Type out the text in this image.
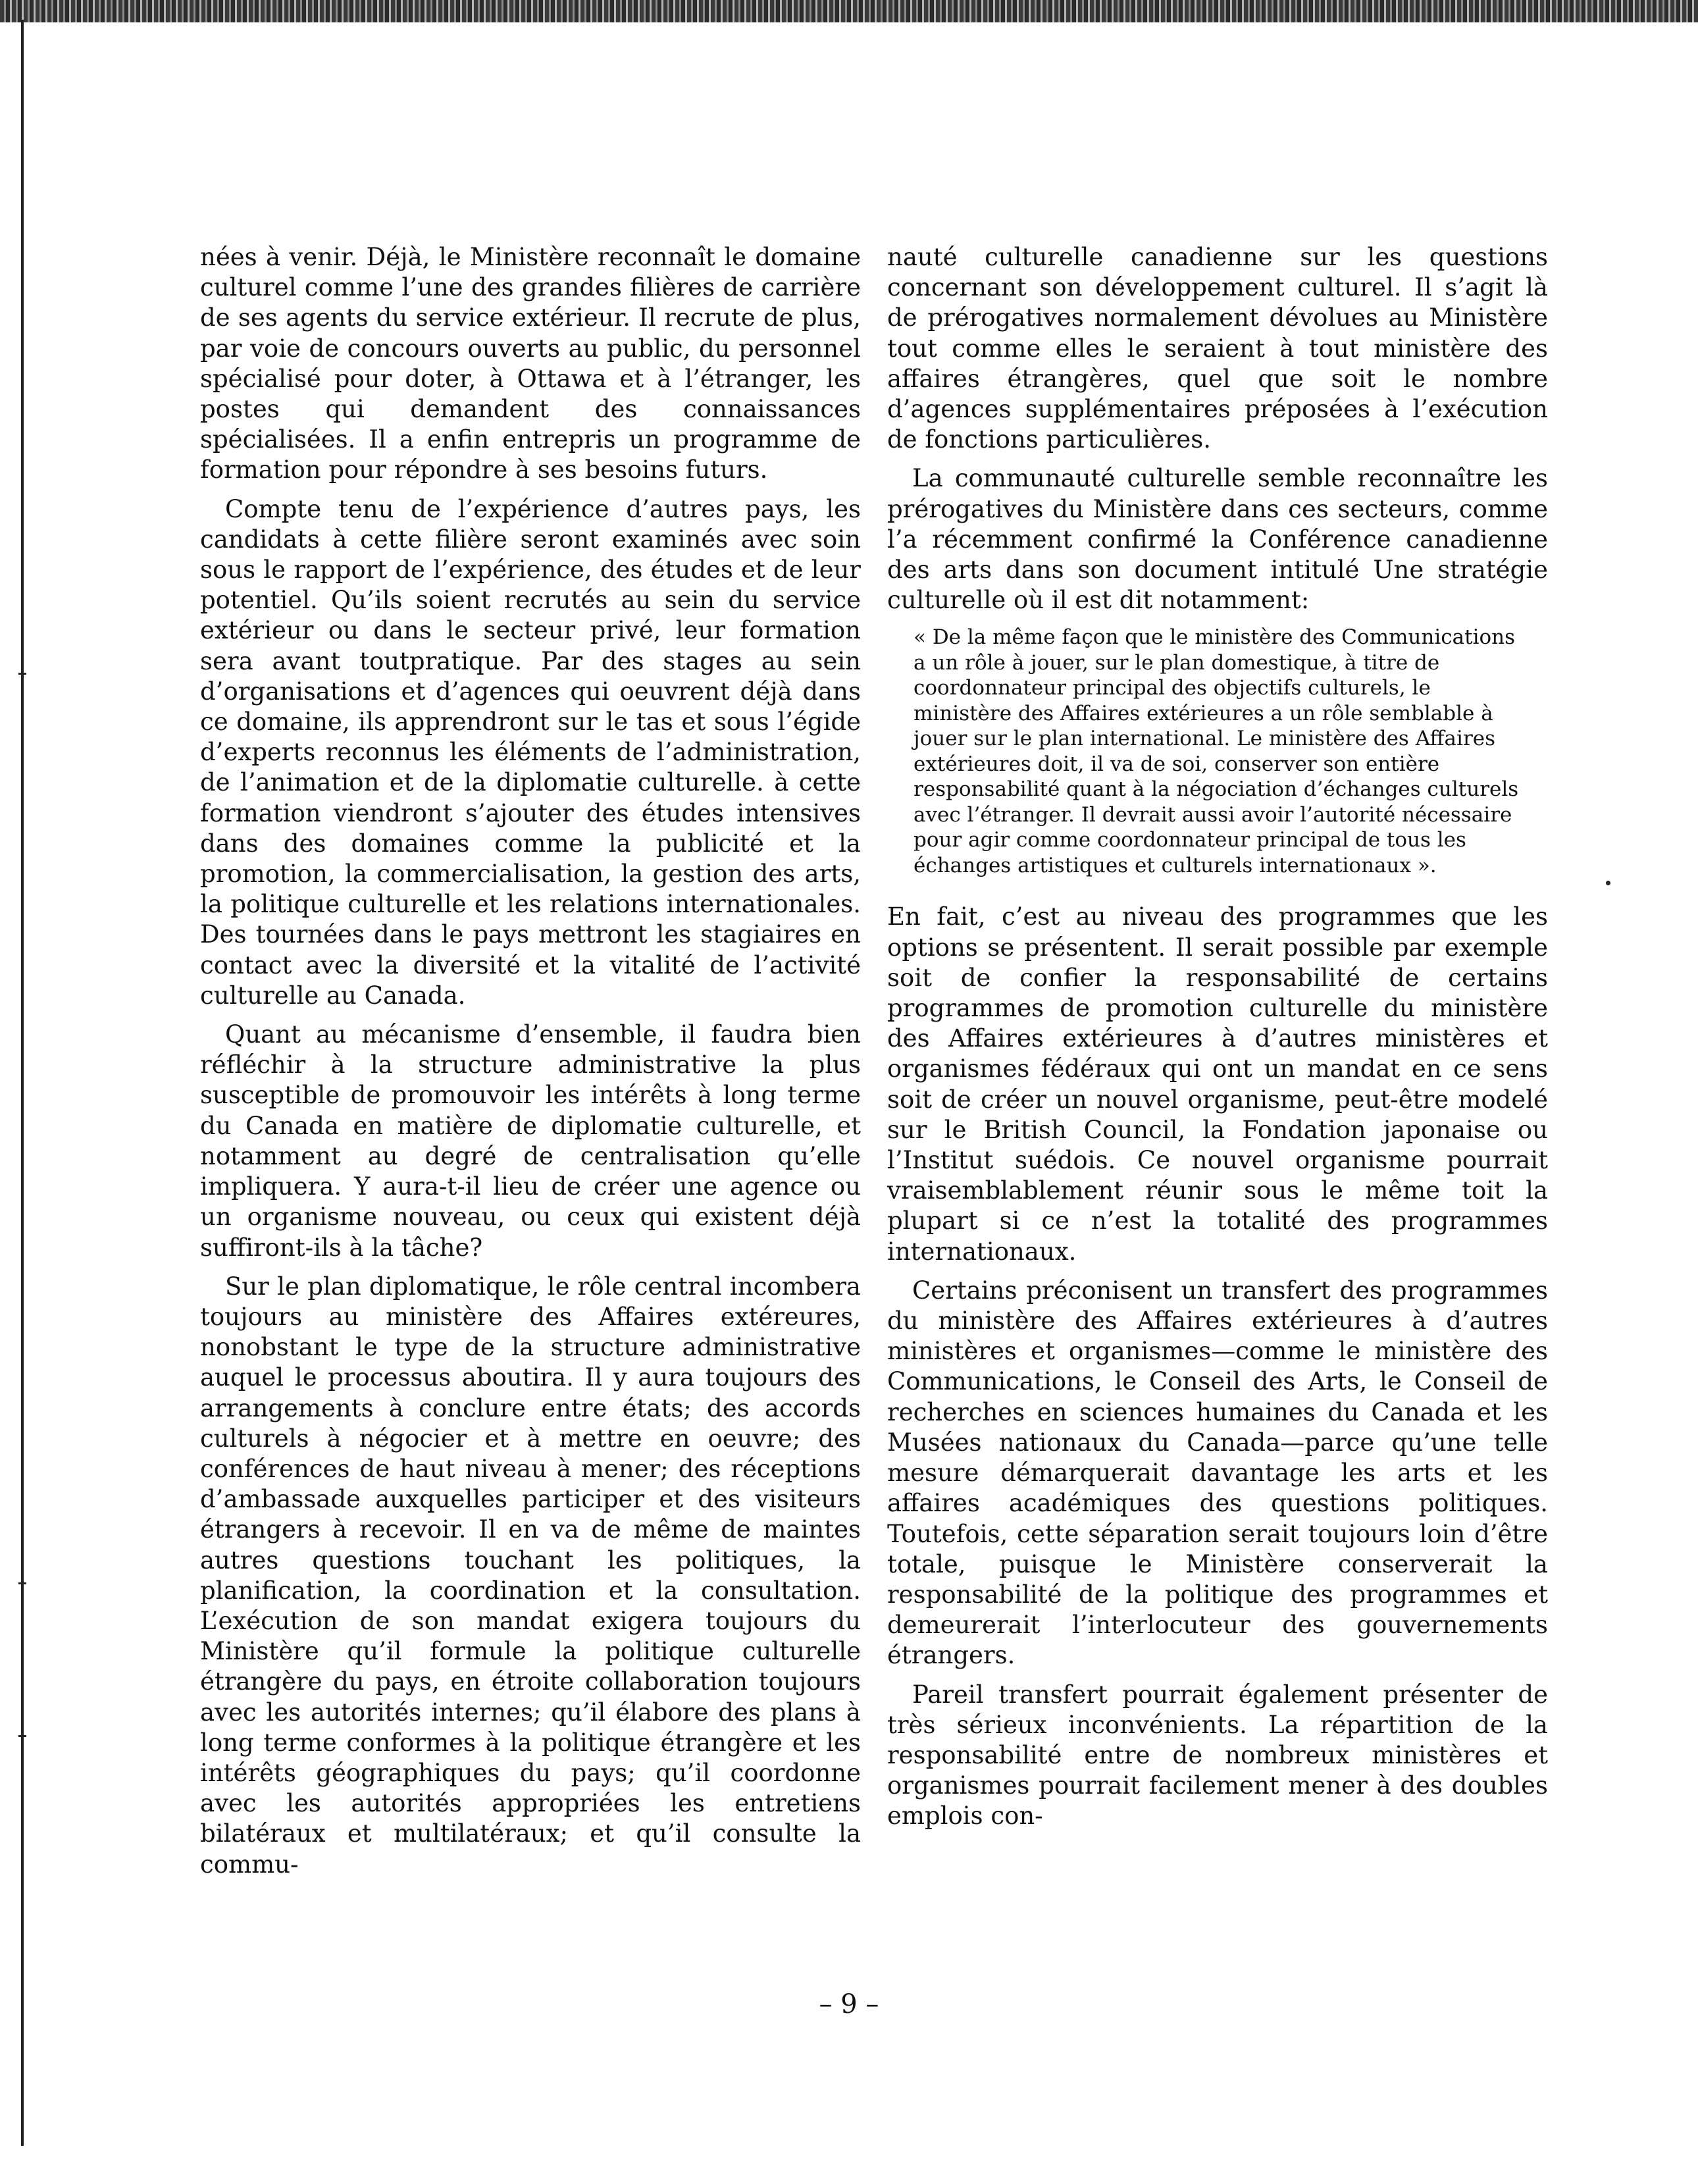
nées à venir. Déjà, le Ministère reconnaît le domaine culturel comme l’une des grandes filières de carrière de ses agents du service extérieur. Il recrute de plus, par voie de concours ouverts au public, du personnel spécialisé pour doter, à Ottawa et à l’étranger, les postes qui demandent des connaissances spécialisées. Il a enfin entrepris un programme de formation pour répondre à ses besoins futurs.

Compte tenu de l’expérience d’autres pays, les candidats à cette filière seront examinés avec soin sous le rapport de l’expérience, des études et de leur potentiel. Qu’ils soient recrutés au sein du service extérieur ou dans le secteur privé, leur formation sera avant toutpratique. Par des stages au sein d’organisations et d’agences qui oeuvrent déjà dans ce domaine, ils apprendront sur le tas et sous l’égide d’experts reconnus les éléments de l’administration, de l’animation et de la diplomatie culturelle. à cette formation viendront s’ajouter des études intensives dans des domaines comme la publicité et la promotion, la commercialisation, la gestion des arts, la politique culturelle et les relations internationales. Des tournées dans le pays mettront les stagiaires en contact avec la diversité et la vitalité de l’activité culturelle au Canada.

Quant au mécanisme d’ensemble, il faudra bien réfléchir à la structure administrative la plus susceptible de promouvoir les intérêts à long terme du Canada en matière de diplomatie culturelle, et notamment au degré de centralisation qu’elle impliquera. Y aura-t-il lieu de créer une agence ou un organisme nouveau, ou ceux qui existent déjà suffiront-ils à la tâche?

Sur le plan diplomatique, le rôle central incombera toujours au ministère des Affaires extéreures, nonobstant le type de la structure administrative auquel le processus aboutira. Il y aura toujours des arrangements à conclure entre états; des accords culturels à négocier et à mettre en oeuvre; des conférences de haut niveau à mener; des réceptions d’ambassade auxquelles participer et des visiteurs étrangers à recevoir. Il en va de même de maintes autres questions touchant les politiques, la planification, la coordination et la consultation. L’exécution de son mandat exigera toujours du Ministère qu’il formule la politique culturelle étrangère du pays, en étroite collaboration toujours avec les autorités internes; qu’il élabore des plans à long terme conformes à la politique étrangère et les intérêts géographiques du pays; qu’il coordonne avec les autorités appropriées les entretiens bilatéraux et multilatéraux; et qu’il consulte la commu-

nauté culturelle canadienne sur les questions concernant son développement culturel. Il s’agit là de prérogatives normalement dévolues au Ministère tout comme elles le seraient à tout ministère des affaires étrangères, quel que soit le nombre d’agences supplémentaires préposées à l’exécution de fonctions particulières.

La communauté culturelle semble reconnaître les prérogatives du Ministère dans ces secteurs, comme l’a récemment confirmé la Conférence canadienne des arts dans son document intitulé Une stratégie culturelle où il est dit notamment:

« De la même façon que le ministère des Communications a un rôle à jouer, sur le plan domestique, à titre de coordonnateur principal des objectifs culturels, le ministère des Affaires extérieures a un rôle semblable à jouer sur le plan international. Le ministère des Affaires extérieures doit, il va de soi, conserver son entière responsabilité quant à la négociation d’échanges culturels avec l’étranger. Il devrait aussi avoir l’autorité nécessaire pour agir comme coordonnateur principal de tous les échanges artistiques et culturels internationaux ».

En fait, c’est au niveau des programmes que les options se présentent. Il serait possible par exemple soit de confier la responsabilité de certains programmes de promotion culturelle du ministère des Affaires extérieures à d’autres ministères et organismes fédéraux qui ont un mandat en ce sens soit de créer un nouvel organisme, peut-être modelé sur le British Council, la Fondation japonaise ou l’Institut suédois. Ce nouvel organisme pourrait vraisemblablement réunir sous le même toit la plupart si ce n’est la totalité des programmes internationaux.

Certains préconisent un transfert des programmes du ministère des Affaires extérieures à d’autres ministères et organismes—comme le ministère des Communications, le Conseil des Arts, le Conseil de recherches en sciences humaines du Canada et les Musées nationaux du Canada—parce qu’une telle mesure démarquerait davantage les arts et les affaires académiques des questions politiques. Toutefois, cette séparation serait toujours loin d’être totale, puisque le Ministère conserverait la responsabilité de la politique des programmes et demeurerait l’interlocuteur des gouvernements étrangers.

Pareil transfert pourrait également présenter de très sérieux inconvénients. La répartition de la responsabilité entre de nombreux ministères et organismes pourrait facilement mener à des doubles emplois con-

– 9 –
